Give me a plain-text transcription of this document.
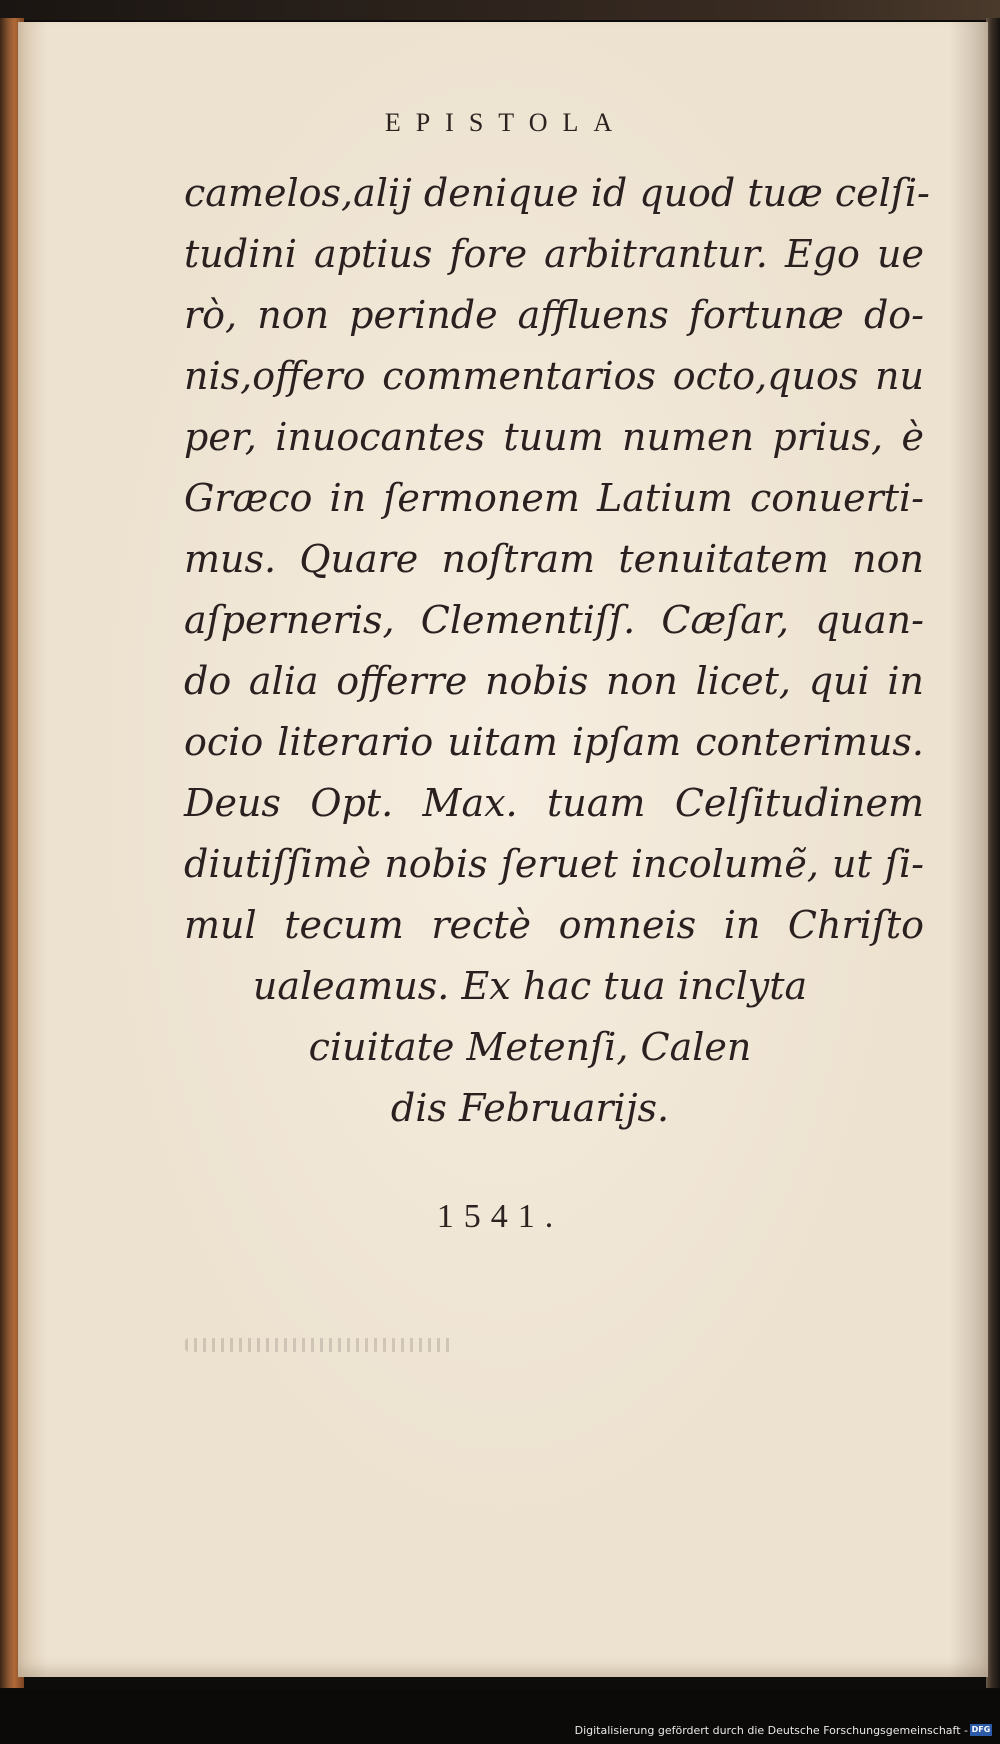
EPISTOLA
camelos,alij denique id quod tuæ celſi-
tudini aptius fore arbitrantur. Ego ue
rò, non perinde affluens fortunæ do-
nis,offero commentarios octo,quos nu
per, inuocantes tuum numen prius, è
Græco in ſermonem Latium conuerti-
mus. Quare noſtram tenuitatem non
aſperneris, Clementiſſ. Cæſar, quan-
do alia offerre nobis non licet, qui in
ocio literario uitam ipſam conterimus.
Deus Opt. Max. tuam Celſitudinem
diutiſſimè nobis ſeruet incolumẽ, ut ſi-
mul tecum rectè omneis in Chriſto
ualeamus. Ex hac tua inclyta
ciuitate Metenſi, Calen
dis Februarijs.
1541.
Digitalisierung gefördert durch die Deutsche Forschungsgemeinschaft - DFG
